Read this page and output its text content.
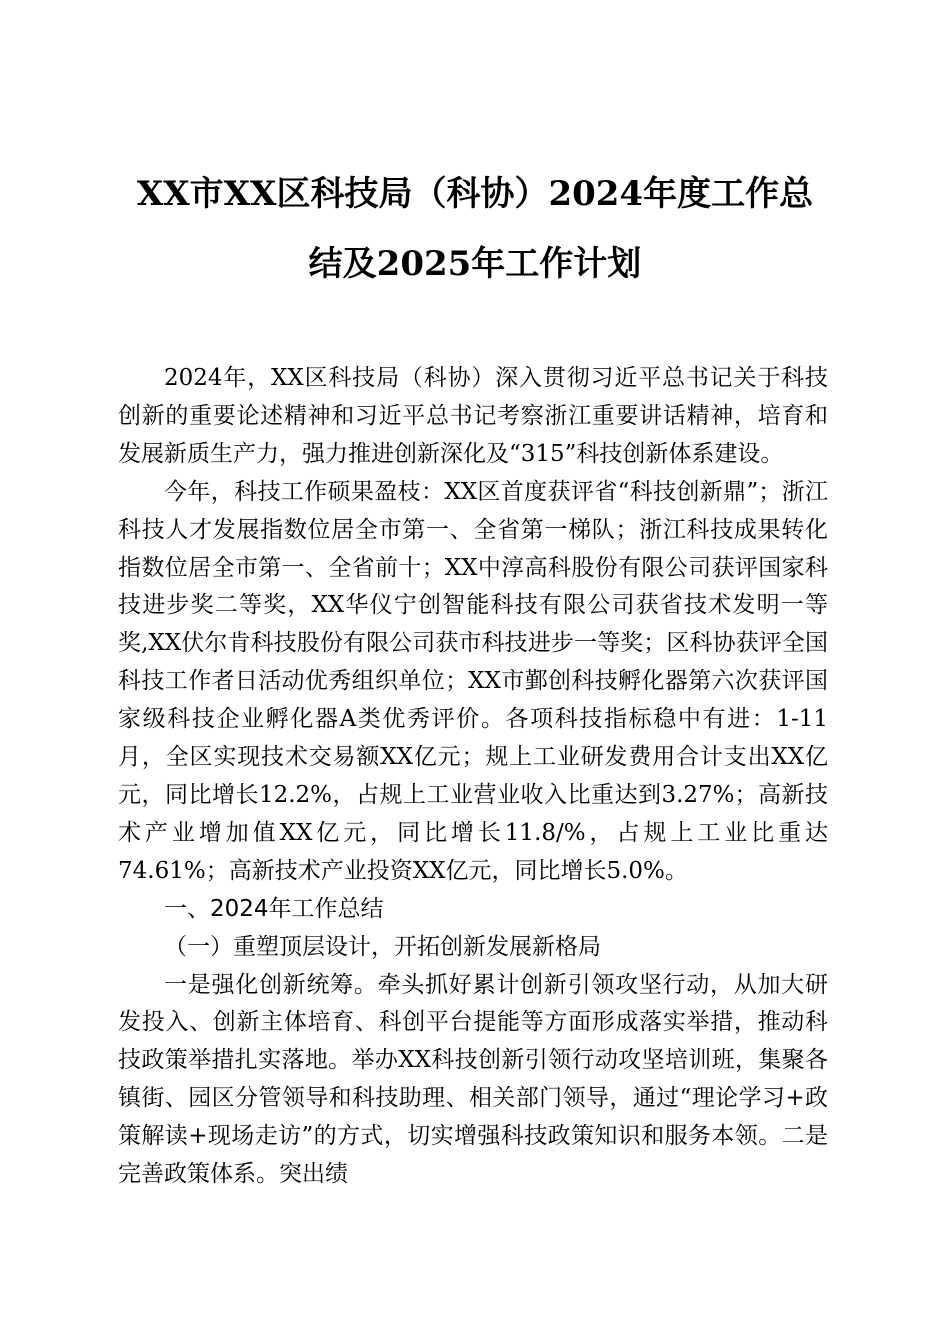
XX市XX区科技局（科协）2024年度工作总
结及2025年工作计划

2024年，XX区科技局（科协）深入贯彻习近平总书记关于科技创新的重要论述精神和习近平总书记考察浙江重要讲话精神，培育和发展新质生产力，强力推进创新深化及“315”科技创新体系建设。

今年，科技工作硕果盈枝：XX区首度获评省“科技创新鼎”；浙江科技人才发展指数位居全市第一、全省第一梯队；浙江科技成果转化指数位居全市第一、全省前十；XX中淳高科股份有限公司获评国家科技进步奖二等奖，XX华仪宁创智能科技有限公司获省技术发明一等奖,XX伏尔肯科技股份有限公司获市科技进步一等奖；区科协获评全国科技工作者日活动优秀组织单位；XX市鄞创科技孵化器第六次获评国家级科技企业孵化器A类优秀评价。各项科技指标稳中有进：1-11月，全区实现技术交易额XX亿元；规上工业研发费用合计支出XX亿元，同比增长12.2%，占规上工业营业收入比重达到3.27%；高新技术产业增加值XX亿元，同比增长11.8/%，占规上工业比重达74.61%；高新技术产业投资XX亿元，同比增长5.0%。

一、2024年工作总结

（一）重塑顶层设计，开拓创新发展新格局

一是强化创新统筹。牵头抓好累计创新引领攻坚行动，从加大研发投入、创新主体培育、科创平台提能等方面形成落实举措，推动科技政策举措扎实落地。举办XX科技创新引领行动攻坚培训班，集聚各镇街、园区分管领导和科技助理、相关部门领导，通过“理论学习+政策解读+现场走访”的方式，切实增强科技政策知识和服务本领。二是完善政策体系。突出绩
